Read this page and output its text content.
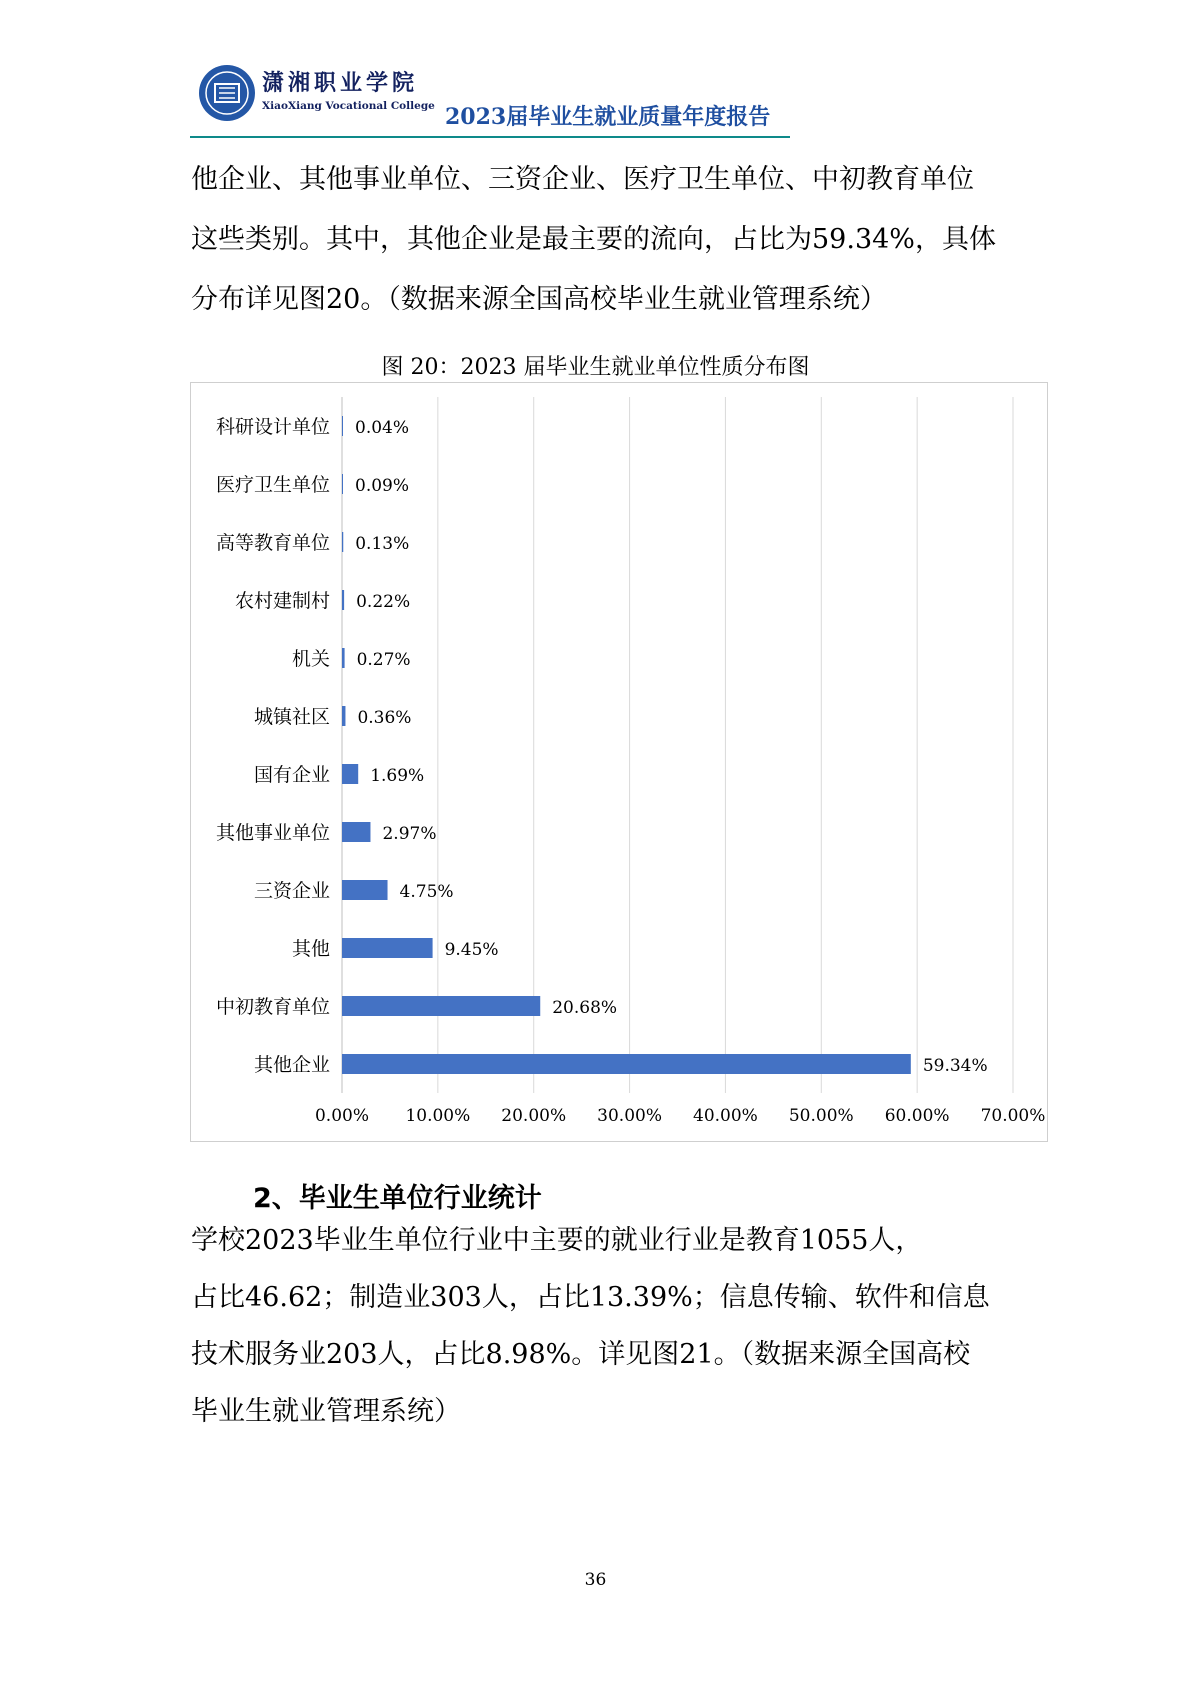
潇湘职业学院
XiaoXiang Vocational College 2023届毕业生就业质量年度报告

他企业、其他事业单位、三资企业、医疗卫生单位、中初教育单位

这些类别。其中，其他企业是最主要的流向，占比为59.34%，具体

分布详见图20。（数据来源全国高校毕业生就业管理系统）

图 20：2023 届毕业生就业单位性质分布图
0.00% 10.00% 20.00% 30.00% 40.00% 50.00% 60.00% 70.00%
科研设计单位 0.04%
医疗卫生单位 0.09%
高等教育单位 0.13%
农村建制村 0.22%
机关 0.27%
城镇社区 0.36%
国有企业 1.69%
其他事业单位	2.97%
三资企业	4.75%
其他	9.45%
中初教育单位	20.68%
其他企业	59.34%
2、毕业生单位行业统计

学校2023毕业生单位行业中主要的就业行业是教育1055人，

占比46.62；制造业303人，占比13.39%；信息传输、软件和信息

技术服务业203人，占比8.98%。详见图21。（数据来源全国高校

毕业生就业管理系统）

36
